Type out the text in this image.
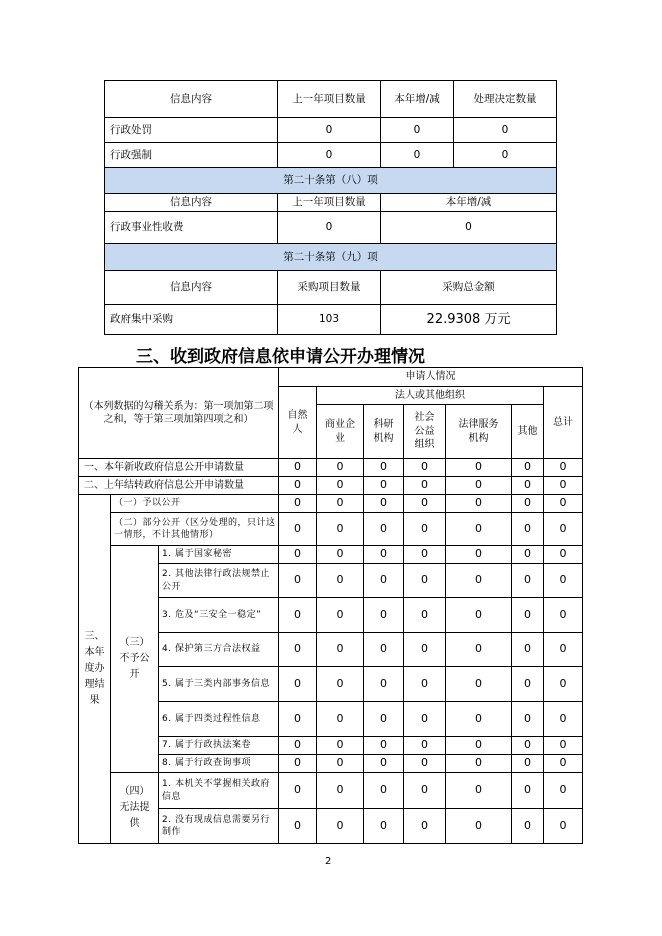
信息内容	上一年项目数量	本年增/减	处理决定数量
行政处罚	0	0	0
行政强制	0	0	0
第二十条第（八）项			
信息内容	上一年项目数量	本年增/减	
行政事业性收费	0	0	
第二十条第（九）项			
信息内容	采购项目数量	采购总金额	
政府集中采购	103	22.9308 万元	
三、收到政府信息依申请公开办理情况
（本列数据的勾稽关系为：第一项加第二项之和，等于第三项加第四项之和）			申请人情况						
			自然人	法人或其他组织					总计
				商业企业	科研机构	社会公益组织	法律服务机构	其他	
一、本年新收政府信息公开申请数量			0	0	0	0	0	0	0
二、上年结转政府信息公开申请数量			0	0	0	0	0	0	0
三、本年度办理结果	（一）予以公开		0	0	0	0	0	0	0
	（二）部分公开（区分处理的，只计这一情形，不计其他情形）		0	0	0	0	0	0	0
	（三）不予公开	1. 属于国家秘密	0	0	0	0	0	0	0
		2. 其他法律行政法规禁止公开	0	0	0	0	0	0	0
		3. 危及“三安全一稳定”	0	0	0	0	0	0	0
		4. 保护第三方合法权益	0	0	0	0	0	0	0
		5. 属于三类内部事务信息	0	0	0	0	0	0	0
		6. 属于四类过程性信息	0	0	0	0	0	0	0
		7. 属于行政执法案卷	0	0	0	0	0	0	0
		8. 属于行政查询事项	0	0	0	0	0	0	0
	（四）无法提供	1. 本机关不掌握相关政府信息	0	0	0	0	0	0	0
		2. 没有现成信息需要另行制作	0	0	0	0	0	0	0
2
